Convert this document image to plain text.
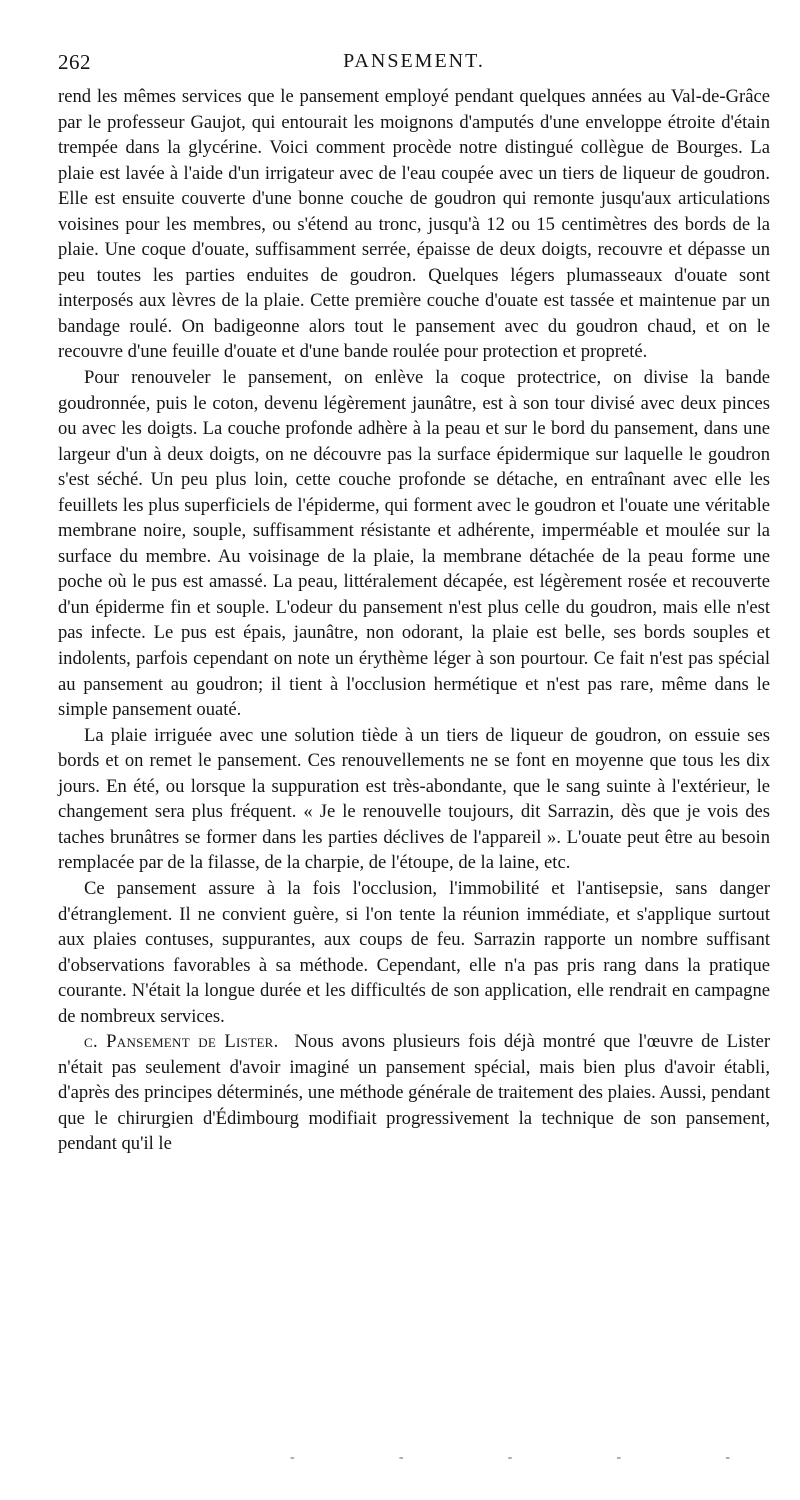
262	PANSEMENT.

rend les mêmes services que le pansement employé pendant quelques années au Val-de-Grâce par le professeur Gaujot, qui entourait les moignons d'amputés d'une enveloppe étroite d'étain trempée dans la glycérine. Voici comment procède notre distingué collègue de Bourges. La plaie est lavée à l'aide d'un irrigateur avec de l'eau coupée avec un tiers de liqueur de goudron. Elle est ensuite couverte d'une bonne couche de goudron qui remonte jusqu'aux articulations voisines pour les membres, ou s'étend au tronc, jusqu'à 12 ou 15 centimètres des bords de la plaie. Une coque d'ouate, suffisamment serrée, épaisse de deux doigts, recouvre et dépasse un peu toutes les parties enduites de goudron. Quelques légers plumasseaux d'ouate sont interposés aux lèvres de la plaie. Cette première couche d'ouate est tassée et maintenue par un bandage roulé. On badigeonne alors tout le pansement avec du goudron chaud, et on le recouvre d'une feuille d'ouate et d'une bande roulée pour protection et propreté.

Pour renouveler le pansement, on enlève la coque protectrice, on divise la bande goudronnée, puis le coton, devenu légèrement jaunâtre, est à son tour divisé avec deux pinces ou avec les doigts. La couche profonde adhère à la peau et sur le bord du pansement, dans une largeur d'un à deux doigts, on ne découvre pas la surface épidermique sur laquelle le goudron s'est séché. Un peu plus loin, cette couche profonde se détache, en entraînant avec elle les feuillets les plus superficiels de l'épiderme, qui forment avec le goudron et l'ouate une véritable membrane noire, souple, suffisamment résistante et adhérente, imperméable et moulée sur la surface du membre. Au voisinage de la plaie, la membrane détachée de la peau forme une poche où le pus est amassé. La peau, littéralement décapée, est légèrement rosée et recouverte d'un épiderme fin et souple. L'odeur du pansement n'est plus celle du goudron, mais elle n'est pas infecte. Le pus est épais, jaunâtre, non odorant, la plaie est belle, ses bords souples et indolents, parfois cependant on note un érythème léger à son pourtour. Ce fait n'est pas spécial au pansement au goudron; il tient à l'occlusion hermétique et n'est pas rare, même dans le simple pansement ouaté.

La plaie irriguée avec une solution tiède à un tiers de liqueur de goudron, on essuie ses bords et on remet le pansement. Ces renouvellements ne se font en moyenne que tous les dix jours. En été, ou lorsque la suppuration est très-abondante, que le sang suinte à l'extérieur, le changement sera plus fréquent. « Je le renouvelle toujours, dit Sarrazin, dès que je vois des taches brunâtres se former dans les parties déclives de l'appareil ». L'ouate peut être au besoin remplacée par de la filasse, de la charpie, de l'étoupe, de la laine, etc.

Ce pansement assure à la fois l'occlusion, l'immobilité et l'antisepsie, sans danger d'étranglement. Il ne convient guère, si l'on tente la réunion immédiate, et s'applique surtout aux plaies contuses, suppurantes, aux coups de feu. Sarrazin rapporte un nombre suffisant d'observations favorables à sa méthode. Cependant, elle n'a pas pris rang dans la pratique courante. N'était la longue durée et les difficultés de son application, elle rendrait en campagne de nombreux services.

c. Pansement de Lister. Nous avons plusieurs fois déjà montré que l'œuvre de Lister n'était pas seulement d'avoir imaginé un pansement spécial, mais bien plus d'avoir établi, d'après des principes déterminés, une méthode générale de traitement des plaies. Aussi, pendant que le chirurgien d'Édimbourg modifiait progressivement la technique de son pansement, pendant qu'il le

-	-	-	-	-
